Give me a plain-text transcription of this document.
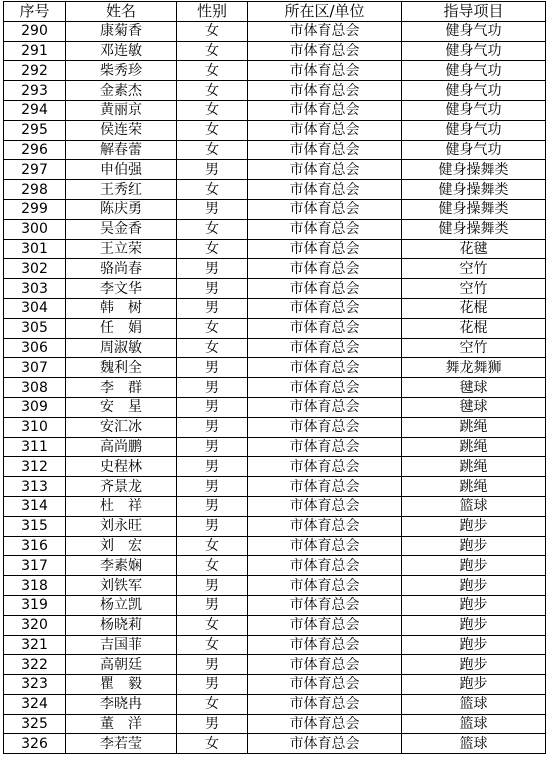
序号	姓名	性别	所在区/单位	指导项目
290	康菊香	女	市体育总会	健身气功
291	邓连敏	女	市体育总会	健身气功
292	柴秀珍	女	市体育总会	健身气功
293	金素杰	女	市体育总会	健身气功
294	黄丽京	女	市体育总会	健身气功
295	侯连荣	女	市体育总会	健身气功
296	解春蕾	女	市体育总会	健身气功
297	申伯强	男	市体育总会	健身操舞类
298	王秀红	女	市体育总会	健身操舞类
299	陈庆勇	男	市体育总会	健身操舞类
300	吴金香	女	市体育总会	健身操舞类
301	王立荣	女	市体育总会	花毽
302	骆尚春	男	市体育总会	空竹
303	李文华	男	市体育总会	空竹
304	韩　树	男	市体育总会	花棍
305	任　娟	女	市体育总会	花棍
306	周淑敏	女	市体育总会	空竹
307	魏利全	男	市体育总会	舞龙舞狮
308	李　群	男	市体育总会	毽球
309	安　星	男	市体育总会	毽球
310	安汇冰	男	市体育总会	跳绳
311	高尚鹏	男	市体育总会	跳绳
312	史程林	男	市体育总会	跳绳
313	齐景龙	男	市体育总会	跳绳
314	杜　祥	男	市体育总会	篮球
315	刘永旺	男	市体育总会	跑步
316	刘　宏	女	市体育总会	跑步
317	李素娴	女	市体育总会	跑步
318	刘铁军	男	市体育总会	跑步
319	杨立凯	男	市体育总会	跑步
320	杨晓莉	女	市体育总会	跑步
321	吉国菲	女	市体育总会	跑步
322	高朝廷	男	市体育总会	跑步
323	瞿　毅	男	市体育总会	跑步
324	李晓冉	女	市体育总会	篮球
325	董　洋	男	市体育总会	篮球
326	李若莹	女	市体育总会	篮球
